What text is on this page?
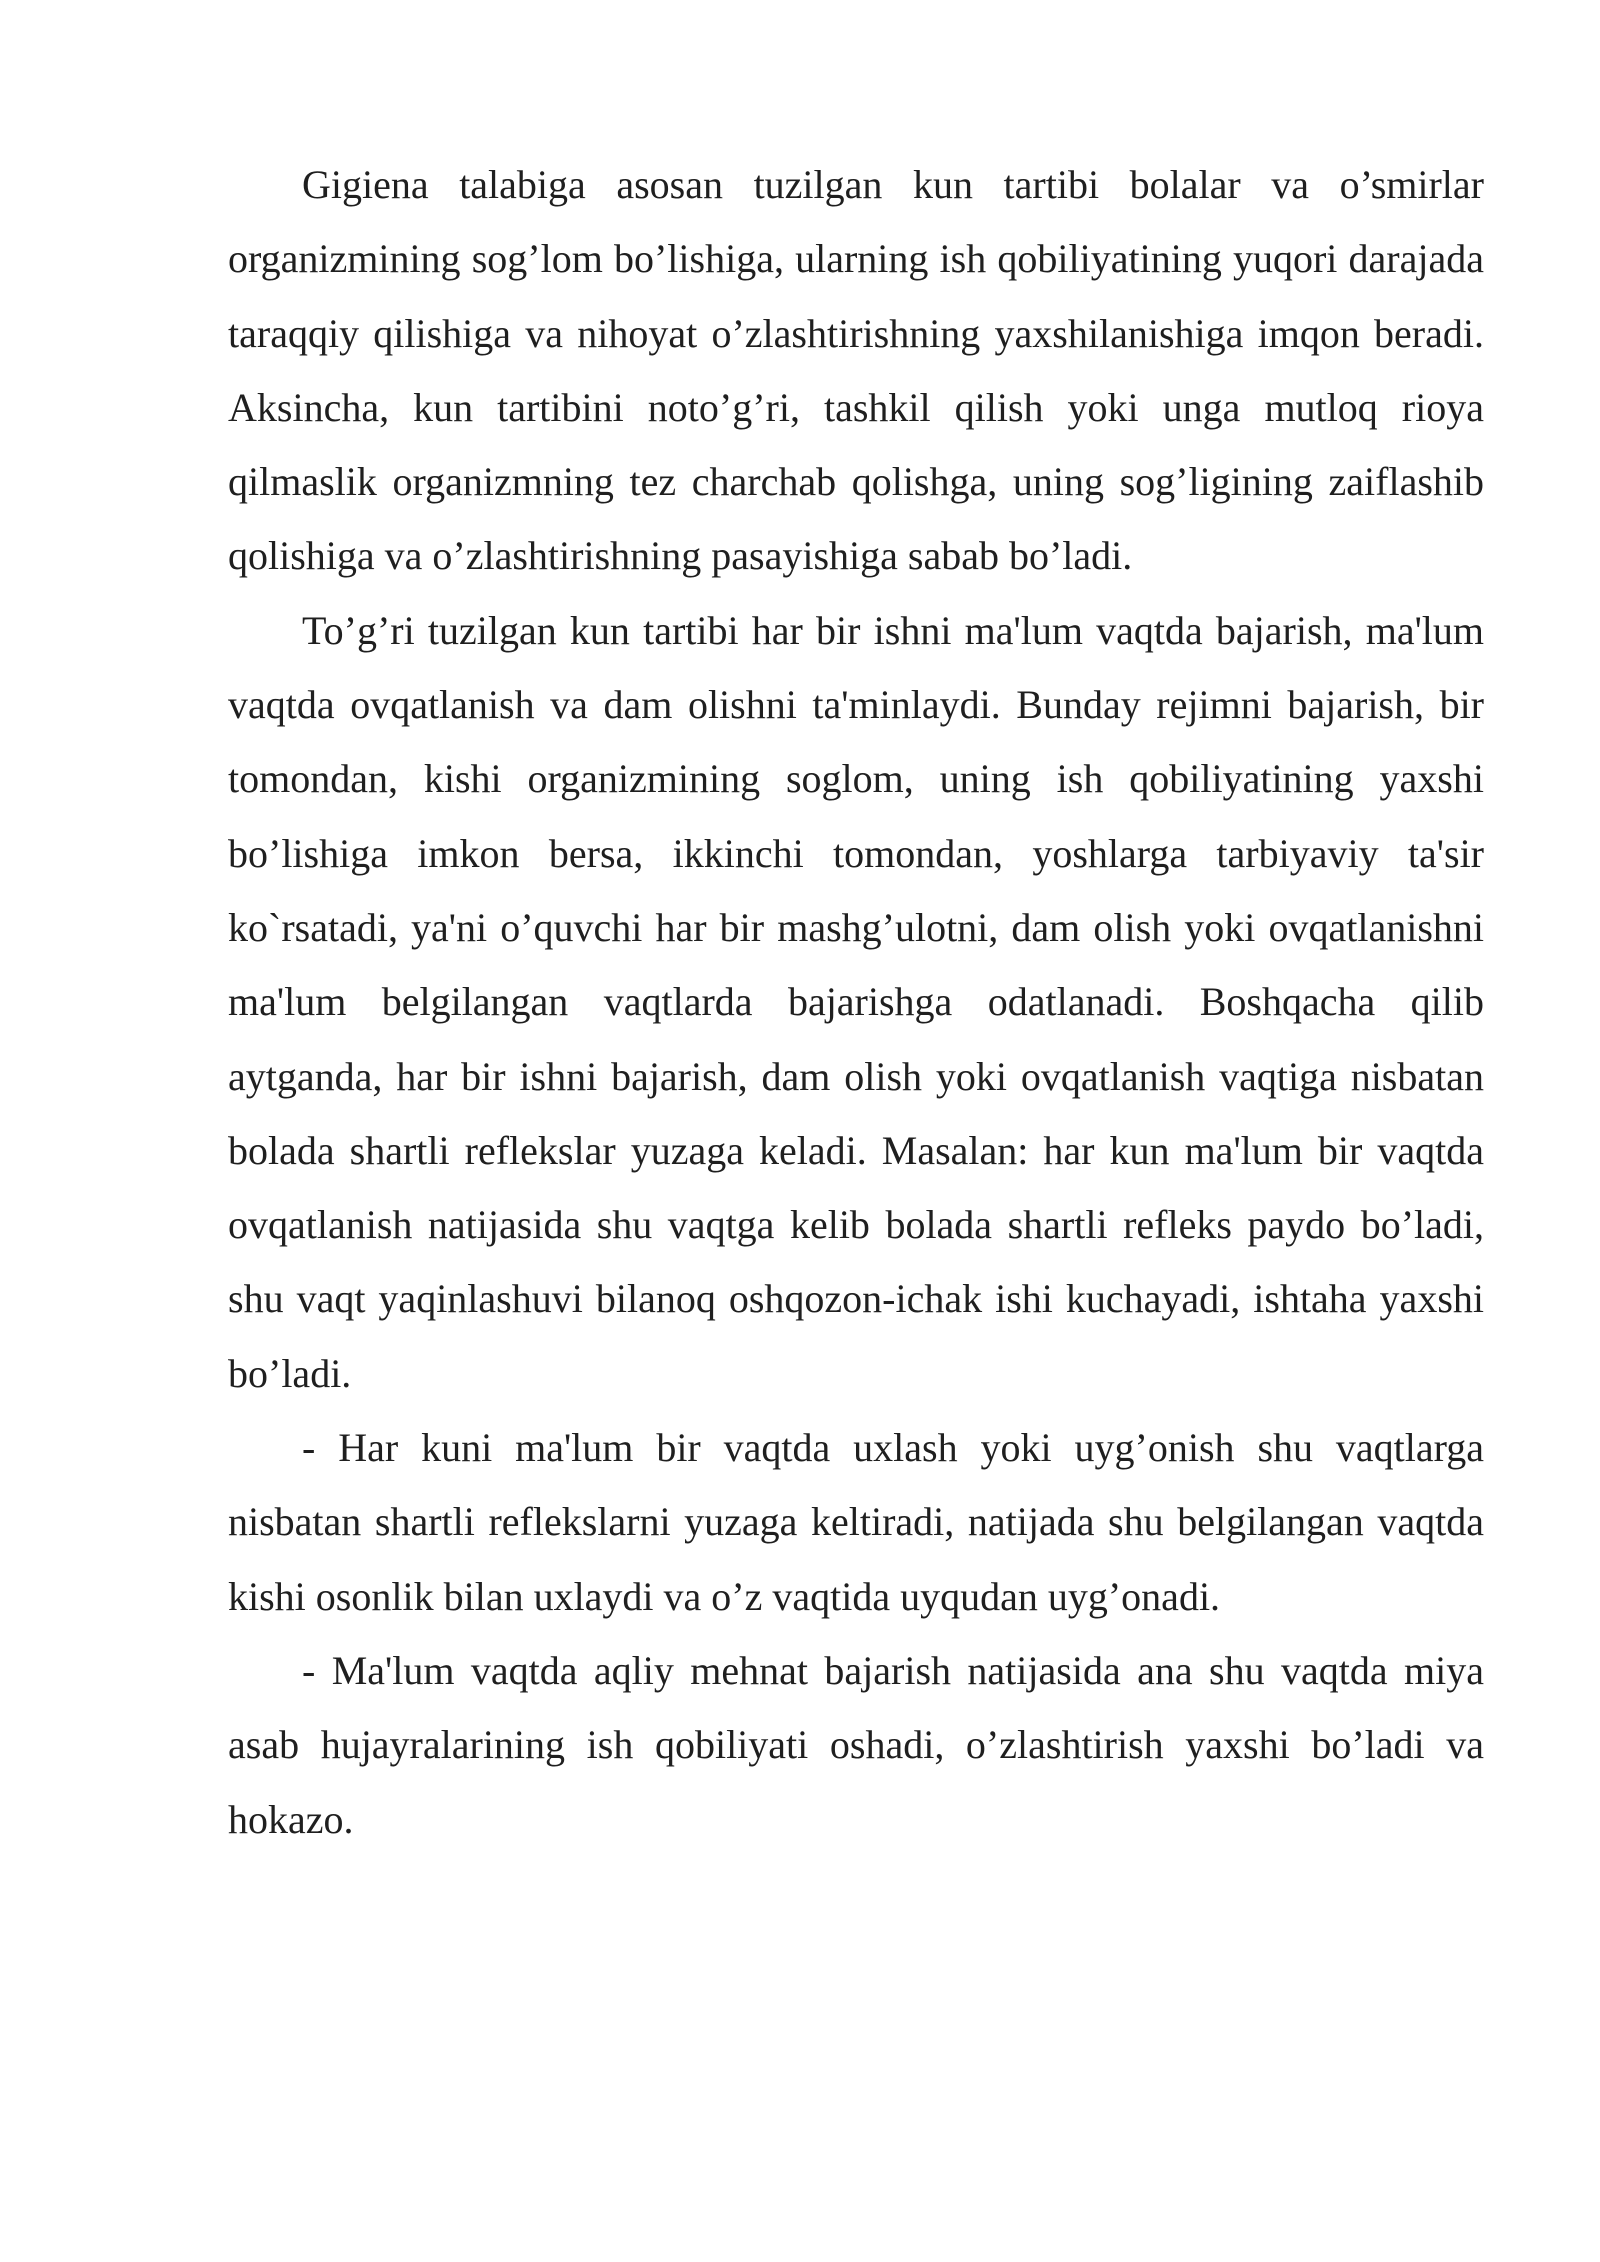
Gigiena talabiga asosan tuzilgan kun tartibi bolalar va o’smirlar organizmining sog’lom bo’lishiga, ularning ish qobiliyatining yuqori darajada taraqqiy qilishiga va nihoyat o’zlashtirishning yaxshilanishiga imqon beradi. Aksincha, kun tartibini noto’g’ri, tashkil qilish yoki unga mutloq rioya qilmaslik organizmning tez charchab qolishga, uning sog’ligining zaiflashib qolishiga va o’zlashtirishning pasayishiga sabab bo’ladi.

To’g’ri tuzilgan kun tartibi har bir ishni ma'lum vaqtda bajarish, ma'lum vaqtda ovqatlanish va dam olishni ta'minlaydi. Bunday rejimni bajarish, bir tomondan, kishi organizmining soglom, uning ish qobiliyatining yaxshi bo’lishiga imkon bersa, ikkinchi tomondan, yoshlarga tarbiyaviy ta'sir ko`rsatadi, ya'ni o’quvchi har bir mashg’ulotni, dam olish yoki ovqatlanishni ma'lum belgilangan vaqtlarda bajarishga odatlanadi. Boshqacha qilib aytganda, har bir ishni bajarish, dam olish yoki ovqatlanish vaqtiga nisbatan bolada shartli reflekslar yuzaga keladi. Masalan: har kun ma'lum bir vaqtda ovqatlanish natijasida shu vaqtga kelib bolada shartli refleks paydo bo’ladi, shu vaqt yaqinlashuvi bilanoq oshqozon-ichak ishi kuchayadi, ishtaha yaxshi bo’ladi.

- Har kuni ma'lum bir vaqtda uxlash yoki uyg’onish shu vaqtlarga nisbatan shartli reflekslarni yuzaga keltiradi, natijada shu belgilangan vaqtda kishi osonlik bilan uxlaydi va o’z vaqtida uyqudan uyg’onadi.

- Ma'lum vaqtda aqliy mehnat bajarish natijasida ana shu vaqtda miya asab hujayralarining ish qobiliyati oshadi, o’zlashtirish yaxshi bo’ladi va hokazo.
